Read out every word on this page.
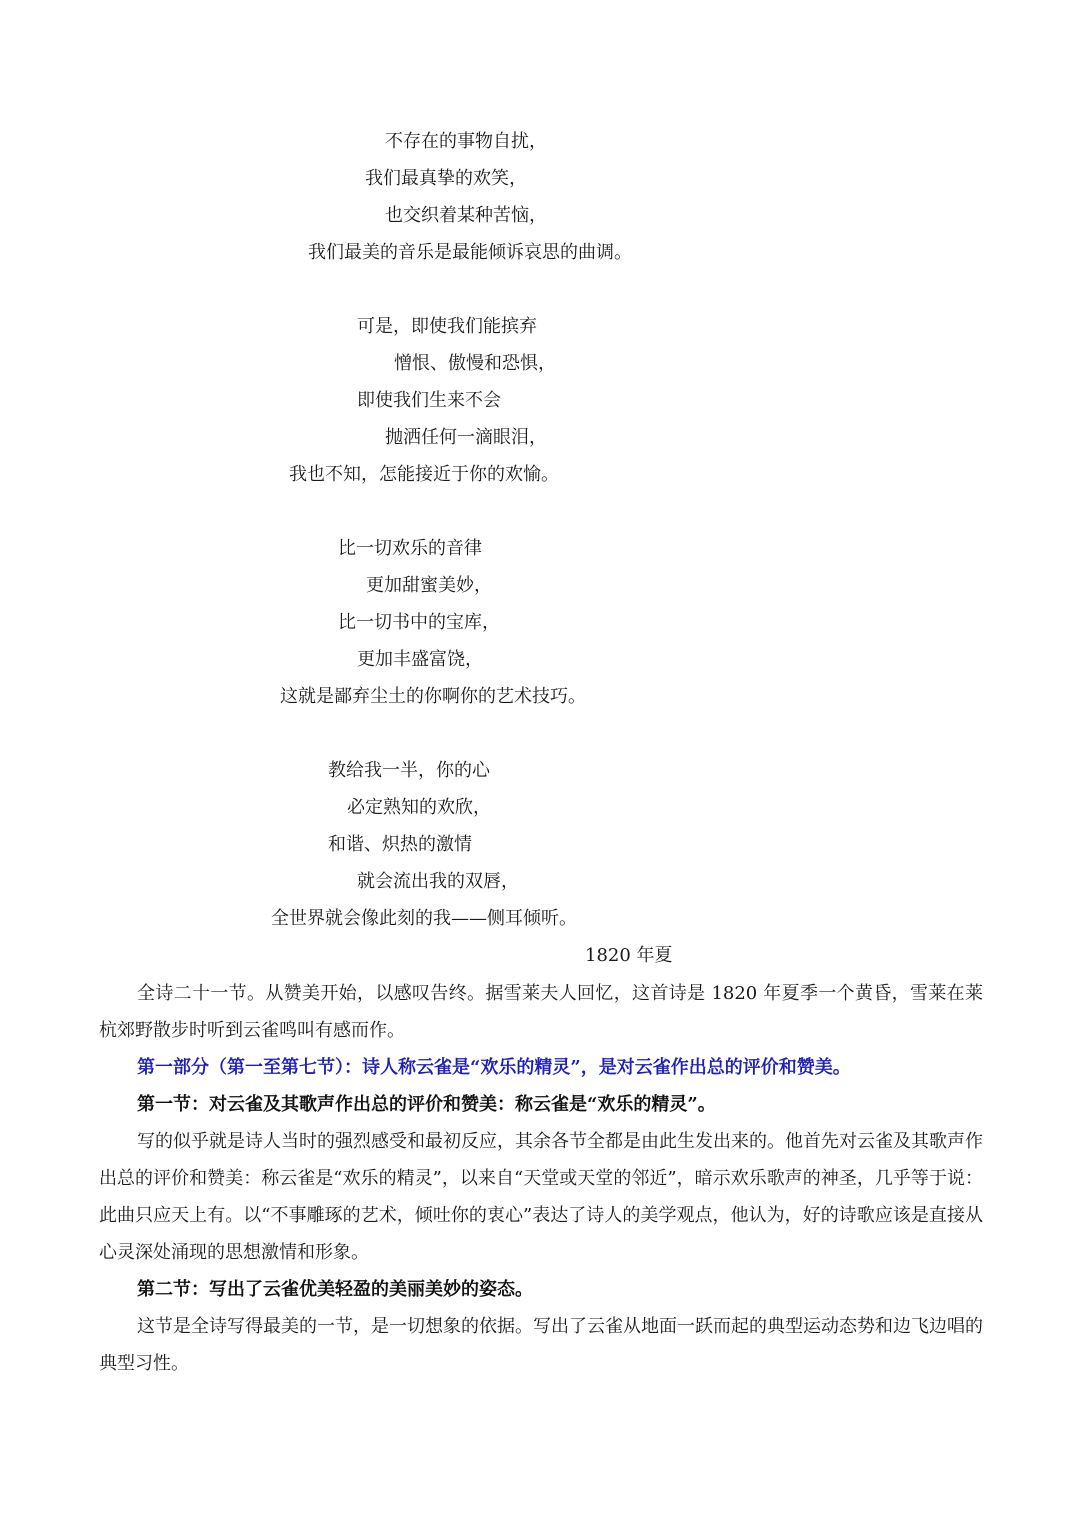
不存在的事物自扰，
我们最真挚的欢笑，
也交织着某种苦恼，
我们最美的音乐是最能倾诉哀思的曲调。
可是，即使我们能摈弃
憎恨、傲慢和恐惧，
即使我们生来不会
抛洒任何一滴眼泪，
我也不知，怎能接近于你的欢愉。
比一切欢乐的音律
更加甜蜜美妙，
比一切书中的宝库，
更加丰盛富饶，
这就是鄙弃尘土的你啊你的艺术技巧。
教给我一半，你的心
必定熟知的欢欣，
和谐、炽热的激情
就会流出我的双唇，
全世界就会像此刻的我——侧耳倾听。
1820 年夏

全诗二十一节。从赞美开始，以感叹告终。据雪莱夫人回忆，这首诗是 1820 年夏季一个黄昏，雪莱在莱杭郊野散步时听到云雀鸣叫有感而作。

第一部分（第一至第七节）：诗人称云雀是“欢乐的精灵”，是对云雀作出总的评价和赞美。

第一节：对云雀及其歌声作出总的评价和赞美：称云雀是“欢乐的精灵”。

写的似乎就是诗人当时的强烈感受和最初反应，其余各节全都是由此生发出来的。他首先对云雀及其歌声作出总的评价和赞美：称云雀是“欢乐的精灵”，以来自“天堂或天堂的邻近”，暗示欢乐歌声的神圣，几乎等于说：此曲只应天上有。以“不事雕琢的艺术，倾吐你的衷心”表达了诗人的美学观点，他认为，好的诗歌应该是直接从心灵深处涌现的思想激情和形象。

第二节：写出了云雀优美轻盈的美丽美妙的姿态。

这节是全诗写得最美的一节，是一切想象的依据。写出了云雀从地面一跃而起的典型运动态势和边飞边唱的典型习性。
